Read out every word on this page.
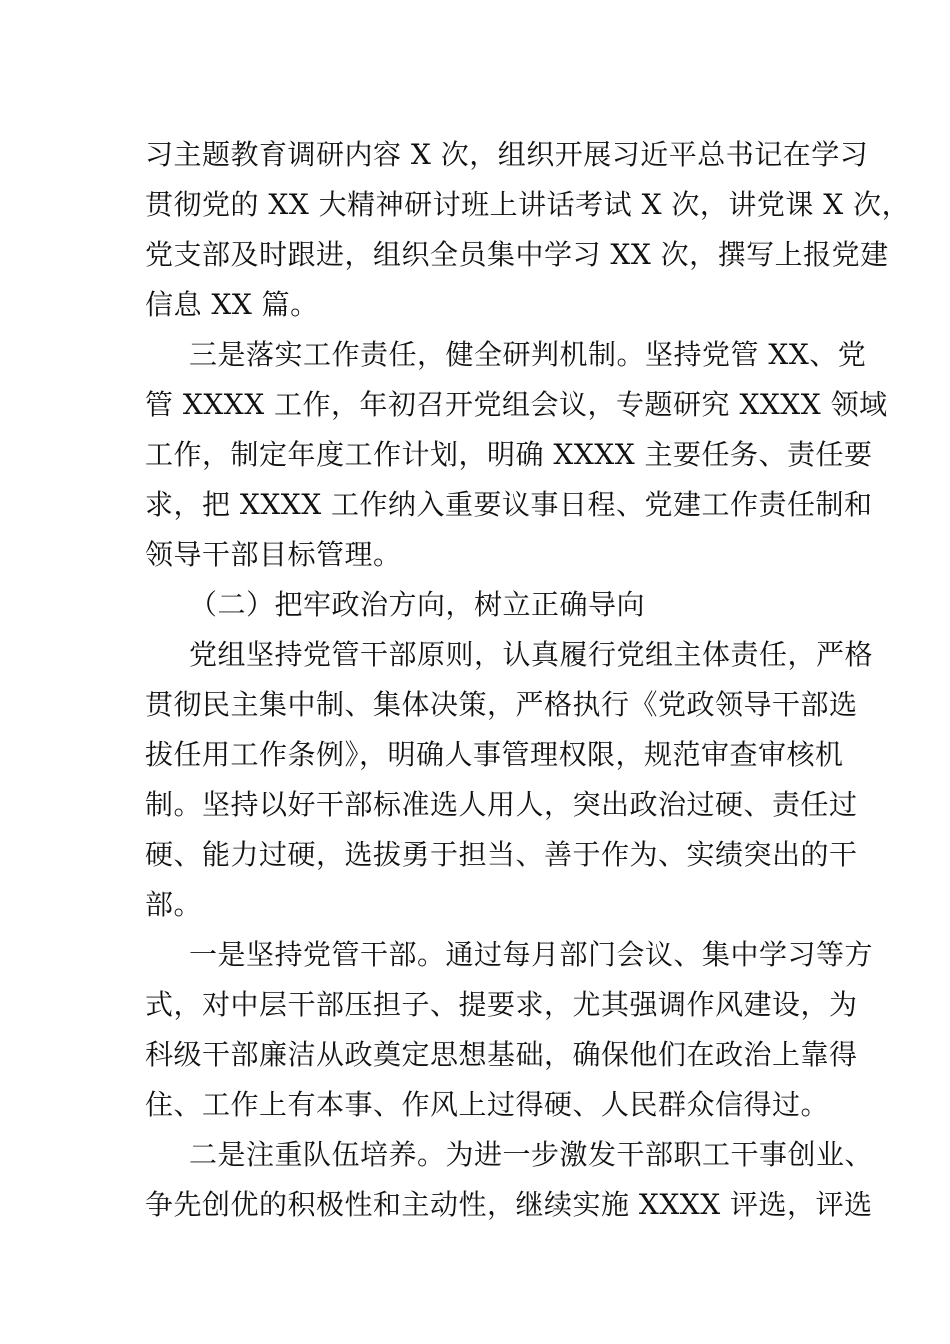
习主题教育调研内容 X 次，组织开展习近平总书记在学习
贯彻党的 XX 大精神研讨班上讲话考试 X 次，讲党课 X 次，
党支部及时跟进，组织全员集中学习 XX 次，撰写上报党建
信息 XX 篇。

三是落实工作责任，健全研判机制。坚持党管 XX、党
管 XXXX 工作，年初召开党组会议，专题研究 XXXX 领域
工作，制定年度工作计划，明确 XXXX 主要任务、责任要
求，把 XXXX 工作纳入重要议事日程、党建工作责任制和
领导干部目标管理。

（二）把牢政治方向，树立正确导向

党组坚持党管干部原则，认真履行党组主体责任，严格
贯彻民主集中制、集体决策，严格执行《党政领导干部选
拔任用工作条例》，明确人事管理权限，规范审查审核机
制。坚持以好干部标准选人用人，突出政治过硬、责任过
硬、能力过硬，选拔勇于担当、善于作为、实绩突出的干
部。

一是坚持党管干部。通过每月部门会议、集中学习等方
式，对中层干部压担子、提要求，尤其强调作风建设，为
科级干部廉洁从政奠定思想基础，确保他们在政治上靠得
住、工作上有本事、作风上过得硬、人民群众信得过。

二是注重队伍培养。为进一步激发干部职工干事创业、
争先创优的积极性和主动性，继续实施 XXXX 评选，评选
